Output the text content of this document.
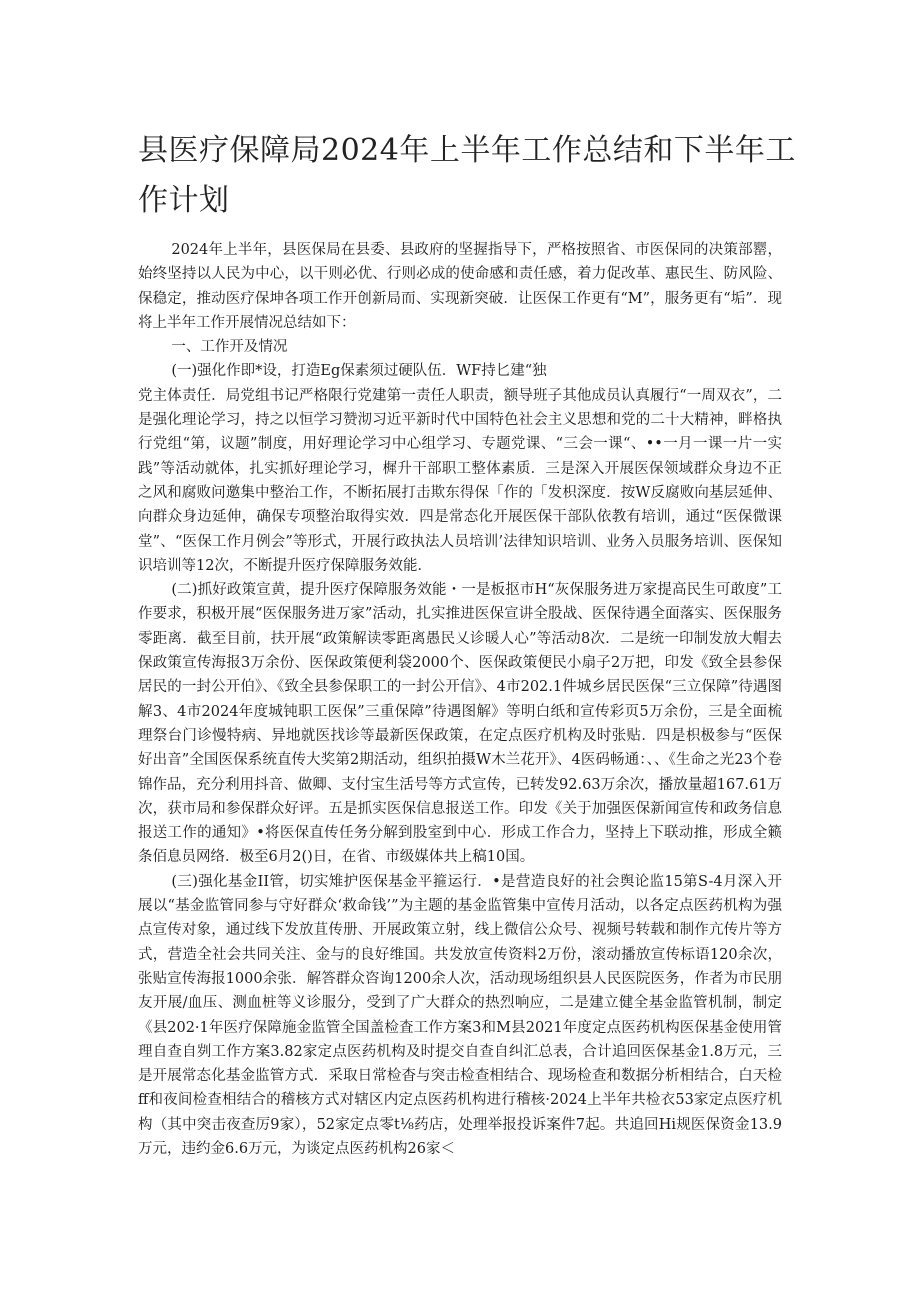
县医疗保障局2024年上半年工作总结和下半年工作计划

2024年上半年，县医保局在县委、县政府的坚握指导下，严格按照省、市医保同的决策部罂，始终坚持以人民为中心，以干则必优、行则必成的使命感和责任感，着力促改革、惠民生、防风险、保稳定，推动医疗保坤各项工作开创新局而、实现新突破．让医保工作更有“M”，服务更有“垢”．现将上半年工作开展情况总结如下：

一、工作开及情况

(一)强化作即*设，打造Eg保素须过硬队伍．WF持匕建“独

党主体责任．局党组书记严格限行党建第一责任人职责，额导班子其他成员认真履行“一周双衣”，二是强化理论学习，持之以恒学习赞沏习近平新时代中国特色社会主义思想和党的二十大精神，畔格执行党组“第，议题”制度，用好理论学习中心组学习、专题党课、“三会一课“、••一月一课一片一实践”等活动就体，扎实抓好理论学习，樨升干部职工整体素质．三是深入开展医保领域群众身边不正之风和腐败问邀集中整治工作，不断拓展打击欺东得保「作的「发枳深度．按W反腐败向基层延伸、向群众身边延伸，确保专项整治取得实效．四是常态化开展医保干部队依教有培训，通过“医保微课堂”、“医保工作月例会”等形式，开展行政执法人员培训’法律知识培训、业务入员服务培训、医保知识培训等12次，不断提升医疗保障服务效能．

(二)抓好政策宣黄，提升医疗保障服务效能・一是板抠市H“灰保服务进万家提高民生可敢度”工作要求，积极开展“医保服务进万家”活动，扎实推进医保宣讲全股战、医保待遇全面落实、医保服务零距离．截至目前，扶开展“政策解读零距离愚民乂诊暖人心”等活动8次．二是统一印制发放大帽去保政策宣传海报3万余份、医保政策便利袋2000个、医保政策便民小扇子2万把，印发《致全县参保居民的一封公开伯》、《致全县参保职工的一封公开信》、4市202.1件城乡居民医保“三立保障”待遇图解3、4市2024年度城钝职工医保”三重保障”待遇图解》等明白纸和宣传彩页5万余份，三是全面梳理祭台门诊慢特病、异地就医找诊等最新医保政策，在定点医疗机构及时张贴．四是枳极参与“医保好出音”全国医保系统直传大奖第2期活动，组织拍摄W木兰花开》、4医码畅通：、、《生命之光23个卷锦作品，充分利用抖音、做卿、支付宝生活号等方式宣传，已转发92.63万余次，播放量超167.61万次，获市局和参保群众好评。五是抓实医保信息报送工作。印发《关于加强医保新闻宣传和政务信息报送工作的通知》•将医保直传任务分解到股室到中心．形成工作合力，坚持上下联动推，形成全籁条佰息员网络．极至6月2()日，在省、市级媒体共上稿10国。

(三)强化基金II管，切实雉护医保基金平箍运行．•是营造良好的社会舆论监15第S-4月深入开展以“基金监管同参与守好群众‘救命钱’”为主题的基金监管集中宣传月活动，以各定点医药机构为强点宣传对象，通过线下发放苴传册、开展政策立射，线上微信公众号、视频号转载和制作亢传片等方式，营造全社会共同关注、金与的良好维国。共发放宣传资料2万份，滚动播放宣传标语120余次，张贴宣传海报1000余张．解答群众咨询1200余人次，活动现场组织县人民医院医务，作者为市民朋友开展/血压、测血桩等义诊服分，受到了广大群众的热烈响应，二是建立健全基金监管机制，制定《县202·1年医疗保障施金监管全国盖检査工作方案3和M县2021年度定点医药机构医保基金使用管理自查自刿工作方案3.82家定点医药机构及时提交自查自纠汇总表，合计追回医保基金1.8万元，三是开展常态化基金监管方式．采取日常检杳与突击检查相结合、现场检查和数据分析相结合，白天检ff和夜间检查相结合的稽核方式对辖区内定点医药机构进行稽核·2024上半年共检衣53家定点医疗机构（其中突击夜查厉9家），52家定点零t⅛药店，处理举报投诉案件7起。共追回Hi规医保资金13.9万元，违约金6.6万元，为谈定点医药机构26家＜
